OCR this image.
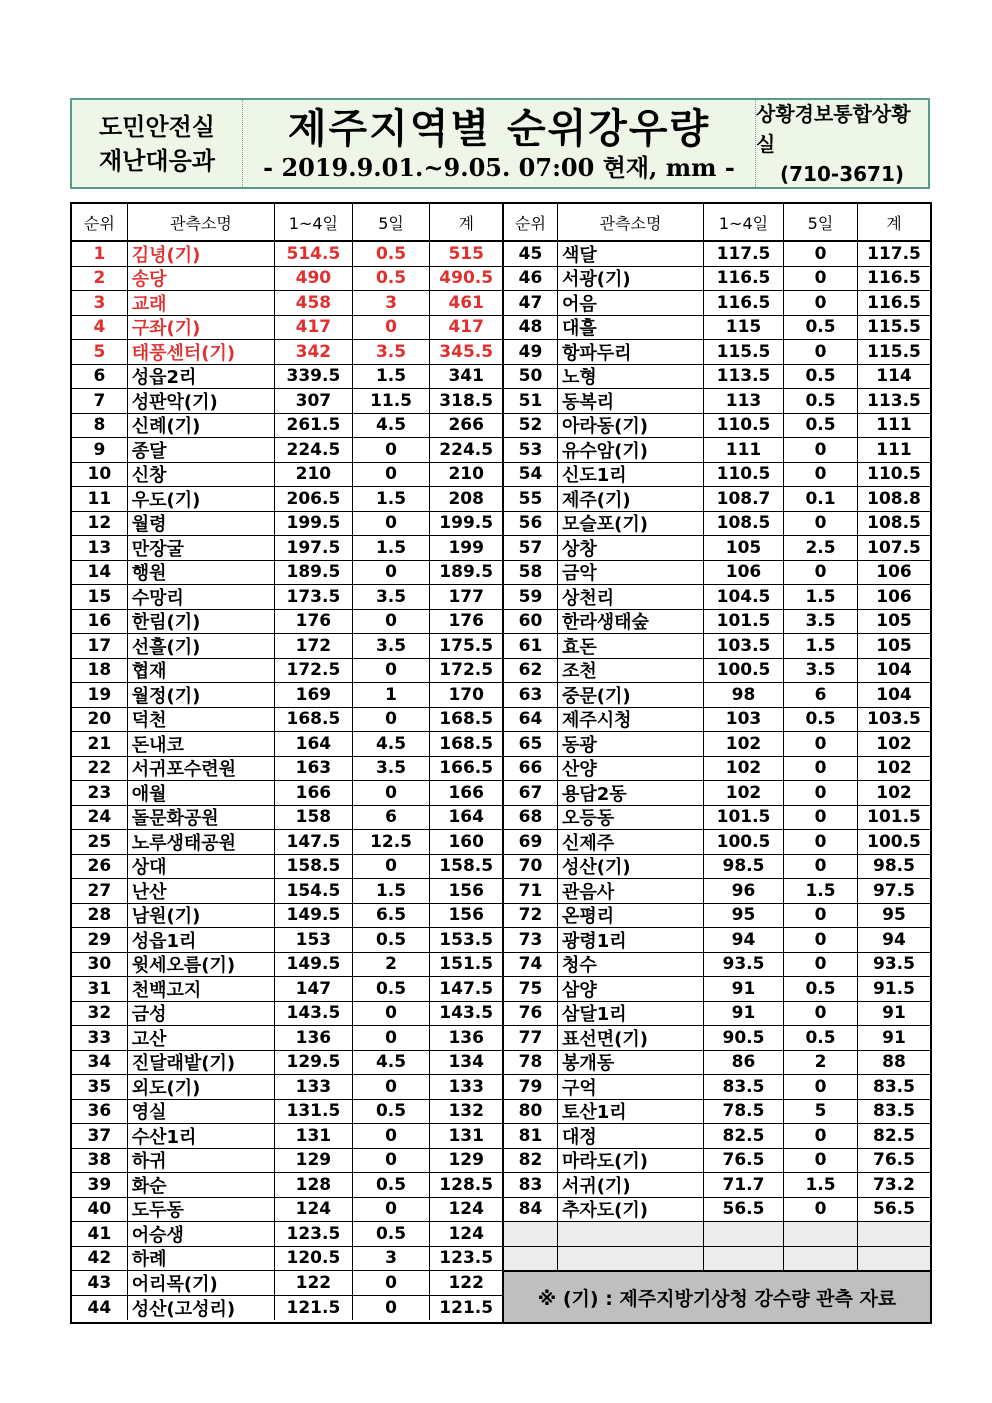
도민안전실
재난대응과
제주지역별 순위강우량
- 2019.9.01.~9.05. 07:00 현재, mm -
상황경보통합상황실
(710-3671)
순위	관측소명	1~4일	5일	계
1	김녕(기)	514.5	0.5	515
2	송당	490	0.5	490.5
3	교래	458	3	461
4	구좌(기)	417	0	417
5	태풍센터(기)	342	3.5	345.5
6	성읍2리	339.5	1.5	341
7	성판악(기)	307	11.5	318.5
8	신례(기)	261.5	4.5	266
9	종달	224.5	0	224.5
10	신창	210	0	210
11	우도(기)	206.5	1.5	208
12	월령	199.5	0	199.5
13	만장굴	197.5	1.5	199
14	행원	189.5	0	189.5
15	수망리	173.5	3.5	177
16	한림(기)	176	0	176
17	선흘(기)	172	3.5	175.5
18	협재	172.5	0	172.5
19	월정(기)	169	1	170
20	덕천	168.5	0	168.5
21	돈내코	164	4.5	168.5
22	서귀포수련원	163	3.5	166.5
23	애월	166	0	166
24	돌문화공원	158	6	164
25	노루생태공원	147.5	12.5	160
26	상대	158.5	0	158.5
27	난산	154.5	1.5	156
28	남원(기)	149.5	6.5	156
29	성읍1리	153	0.5	153.5
30	윗세오름(기)	149.5	2	151.5
31	천백고지	147	0.5	147.5
32	금성	143.5	0	143.5
33	고산	136	0	136
34	진달래밭(기)	129.5	4.5	134
35	외도(기)	133	0	133
36	영실	131.5	0.5	132
37	수산1리	131	0	131
38	하귀	129	0	129
39	화순	128	0.5	128.5
40	도두동	124	0	124
41	어승생	123.5	0.5	124
42	하례	120.5	3	123.5
43	어리목(기)	122	0	122
44	성산(고성리)	121.5	0	121.5
순위	관측소명	1~4일	5일	계
45	색달	117.5	0	117.5
46	서광(기)	116.5	0	116.5
47	어음	116.5	0	116.5
48	대흘	115	0.5	115.5
49	항파두리	115.5	0	115.5
50	노형	113.5	0.5	114
51	동복리	113	0.5	113.5
52	아라동(기)	110.5	0.5	111
53	유수암(기)	111	0	111
54	신도1리	110.5	0	110.5
55	제주(기)	108.7	0.1	108.8
56	모슬포(기)	108.5	0	108.5
57	상창	105	2.5	107.5
58	금악	106	0	106
59	상천리	104.5	1.5	106
60	한라생태숲	101.5	3.5	105
61	효돈	103.5	1.5	105
62	조천	100.5	3.5	104
63	중문(기)	98	6	104
64	제주시청	103	0.5	103.5
65	동광	102	0	102
66	산양	102	0	102
67	용담2동	102	0	102
68	오등동	101.5	0	101.5
69	신제주	100.5	0	100.5
70	성산(기)	98.5	0	98.5
71	관음사	96	1.5	97.5
72	온평리	95	0	95
73	광령1리	94	0	94
74	청수	93.5	0	93.5
75	삼양	91	0.5	91.5
76	삼달1리	91	0	91
77	표선면(기)	90.5	0.5	91
78	봉개동	86	2	88
79	구억	83.5	0	83.5
80	토산1리	78.5	5	83.5
81	대정	82.5	0	82.5
82	마라도(기)	76.5	0	76.5
83	서귀(기)	71.7	1.5	73.2
84	추자도(기)	56.5	0	56.5
※ (기) : 제주지방기상청 강수량 관측 자료
